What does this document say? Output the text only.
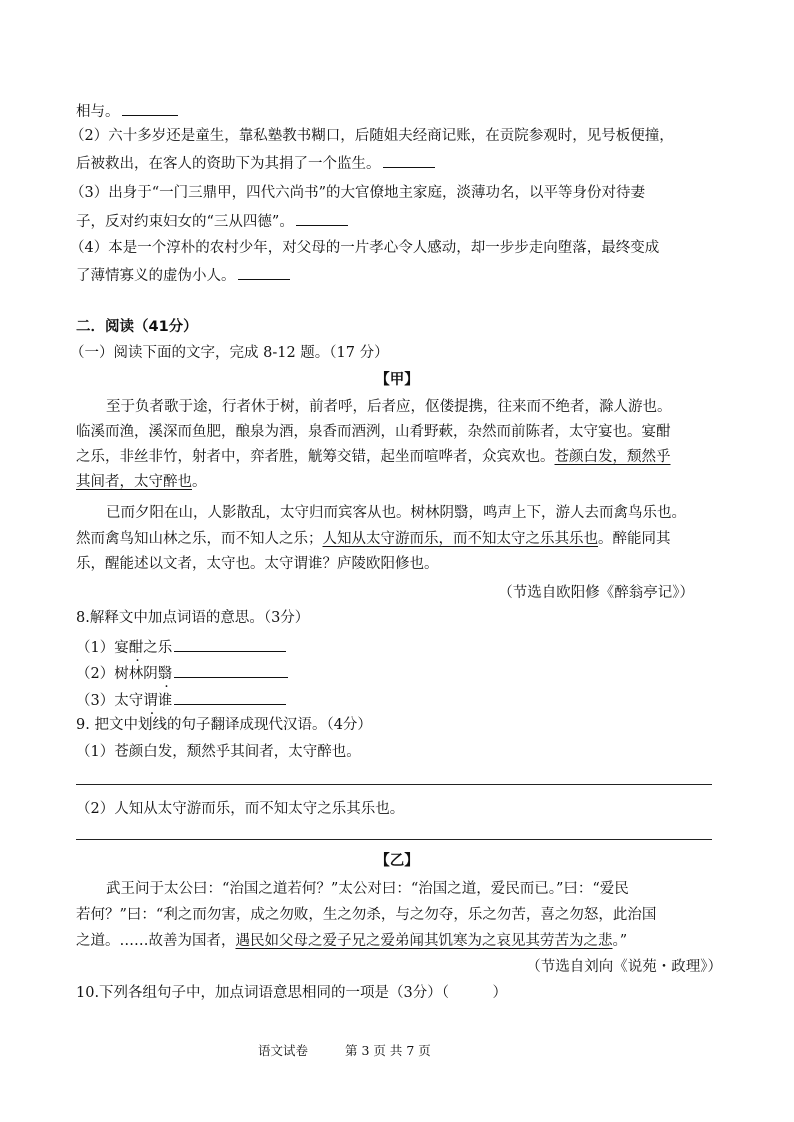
相与。
（2）六十多岁还是童生，靠私塾教书糊口，后随姐夫经商记账，在贡院参观时，见号板便撞，
后被救出，在客人的资助下为其捐了一个监生。
（3）出身于“一门三鼎甲，四代六尚书”的大官僚地主家庭，淡薄功名，以平等身份对待妻
子，反对约束妇女的“三从四德”。
（4）本是一个淳朴的农村少年，对父母的一片孝心令人感动，却一步步走向堕落，最终变成
了薄情寡义的虚伪小人。
二．阅读（41分）
（一）阅读下面的文字，完成 8-12 题。（17 分）
【甲】
至于负者歌于途，行者休于树，前者呼，后者应，伛偻提携，往来而不绝者，滁人游也。
临溪而渔，溪深而鱼肥，酿泉为酒，泉香而酒洌，山肴野蔌，杂然而前陈者，太守宴也。宴酣
之乐，非丝非竹，射者中，弈者胜，觥筹交错，起坐而喧哗者，众宾欢也。苍颜白发，颓然乎
其间者，太守醉也。
已而夕阳在山，人影散乱，太守归而宾客从也。树林阴翳，鸣声上下，游人去而禽鸟乐也。
然而禽鸟知山林之乐，而不知人之乐；人知从太守游而乐，而不知太守之乐其乐也。醉能同其
乐，醒能述以文者，太守也。太守谓谁？庐陵欧阳修也。
（节选自欧阳修《醉翁亭记》）
8.解释文中加点词语的意思。（3分）
（1）宴酣之乐
（2）树林阴翳
（3）太守谓谁
9. 把文中划线的句子翻译成现代汉语。（4分）
（1）苍颜白发，颓然乎其间者，太守醉也。
（2）人知从太守游而乐，而不知太守之乐其乐也。
【乙】
武王问于太公曰：“治国之道若何？”太公对曰：“治国之道，爱民而已。”曰：“爱民
若何？”曰：“利之而勿害，成之勿败，生之勿杀，与之勿夺，乐之勿苦，喜之勿怒，此治国
之道。……故善为国者，遇民如父母之爱子兄之爱弟闻其饥寒为之哀见其劳苦为之悲。”
（节选自刘向《说苑・政理》）
10.下列各组句子中，加点词语意思相同的一项是（3分）（　　　）
语文试卷	第 3 页 共 7 页
